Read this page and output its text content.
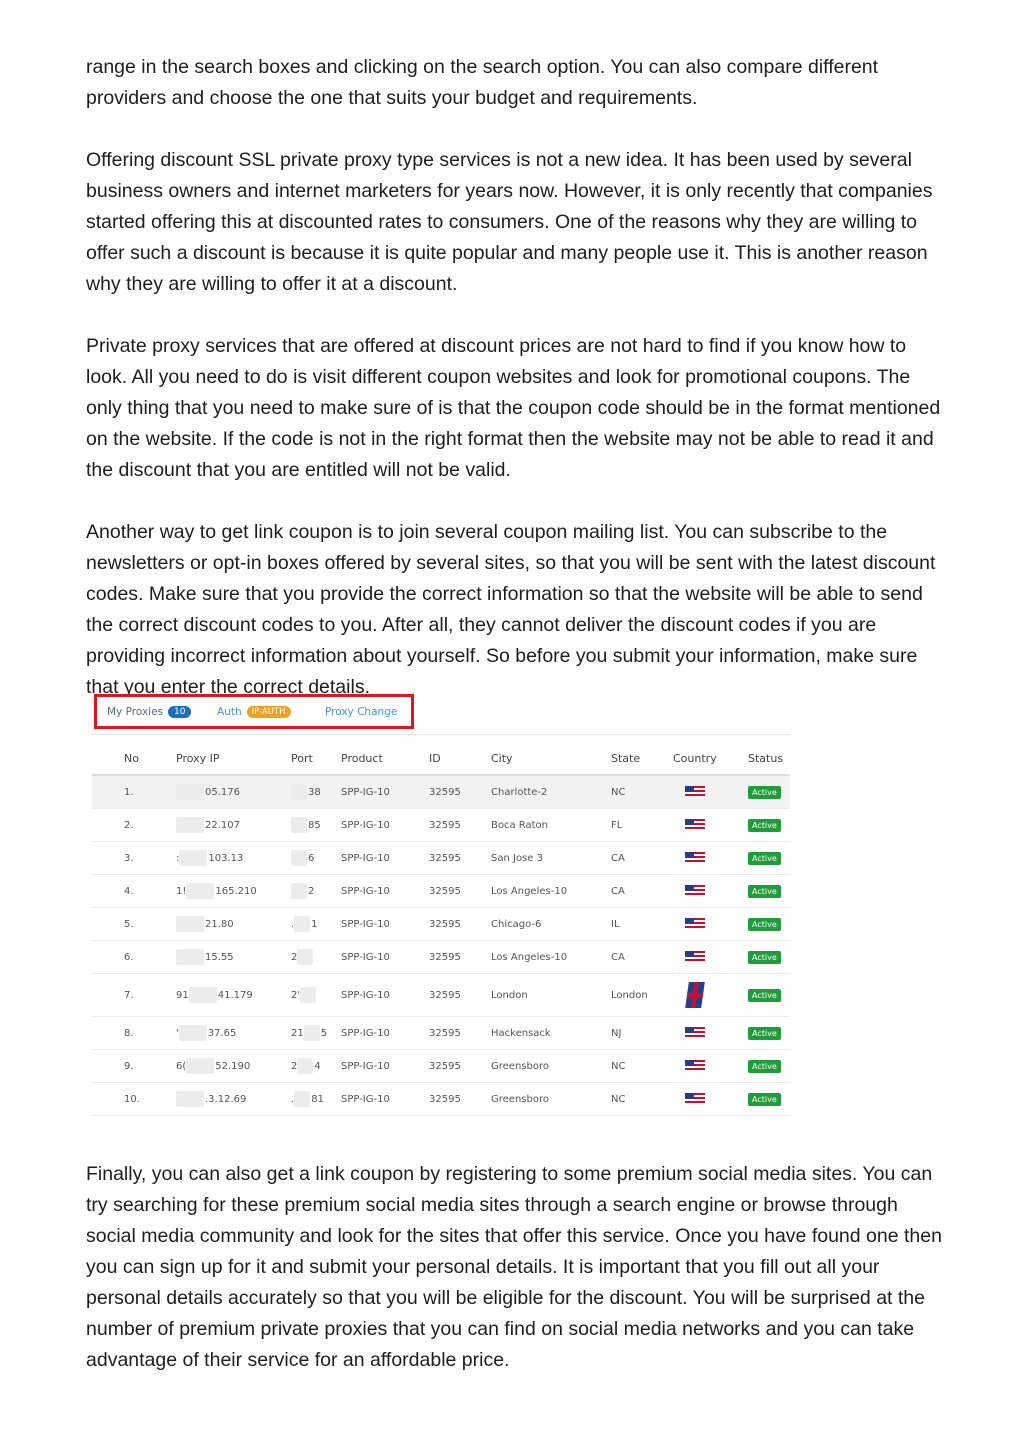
range in the search boxes and clicking on the search option. You can also compare different providers and choose the one that suits your budget and requirements.

Offering discount SSL private proxy type services is not a new idea. It has been used by several business owners and internet marketers for years now. However, it is only recently that companies started offering this at discounted rates to consumers. One of the reasons why they are willing to offer such a discount is because it is quite popular and many people use it. This is another reason why they are willing to offer it at a discount.

Private proxy services that are offered at discount prices are not hard to find if you know how to look. All you need to do is visit different coupon websites and look for promotional coupons. The only thing that you need to make sure of is that the coupon code should be in the format mentioned on the website. If the code is not in the right format then the website may not be able to read it and the discount that you are entitled will not be valid.

Another way to get link coupon is to join several coupon mailing list. You can subscribe to the newsletters or opt-in boxes offered by several sites, so that you will be sent with the latest discount codes. Make sure that you provide the correct information so that the website will be able to send the correct discount codes to you. After all, they cannot deliver the discount codes if you are providing incorrect information about yourself. So before you submit your information, make sure that you enter the correct details.

My Proxies 10	Auth IP-AUTH	Proxy Change
No	Proxy IP	Port	Product	ID	City	State	Country	Status
1.	05.176	38	SPP-IG-10	32595	Charlotte-2	NC		Active
2.	22.107	85	SPP-IG-10	32595	Boca Raton	FL		Active
3.	: 103.13	6	SPP-IG-10	32595	San Jose 3	CA		Active
4.	1! 165.210	2	SPP-IG-10	32595	Los Angeles-10	CA		Active
5.	21.80	. 1	SPP-IG-10	32595	Chicago-6	IL		Active
6.	15.55	2	SPP-IG-10	32595	Los Angeles-10	CA		Active
7.	91 41.179	2'	SPP-IG-10	32595	London	London		Active
8.	' 37.65	21 5	SPP-IG-10	32595	Hackensack	NJ		Active
9.	6( 52.190	2 4	SPP-IG-10	32595	Greensboro	NC		Active
10.	.3.12.69	. 81	SPP-IG-10	32595	Greensboro	NC		Active

Finally, you can also get a link coupon by registering to some premium social media sites. You can try searching for these premium social media sites through a search engine or browse through social media community and look for the sites that offer this service. Once you have found one then you can sign up for it and submit your personal details. It is important that you fill out all your personal details accurately so that you will be eligible for the discount. You will be surprised at the number of premium private proxies that you can find on social media networks and you can take advantage of their service for an affordable price.
